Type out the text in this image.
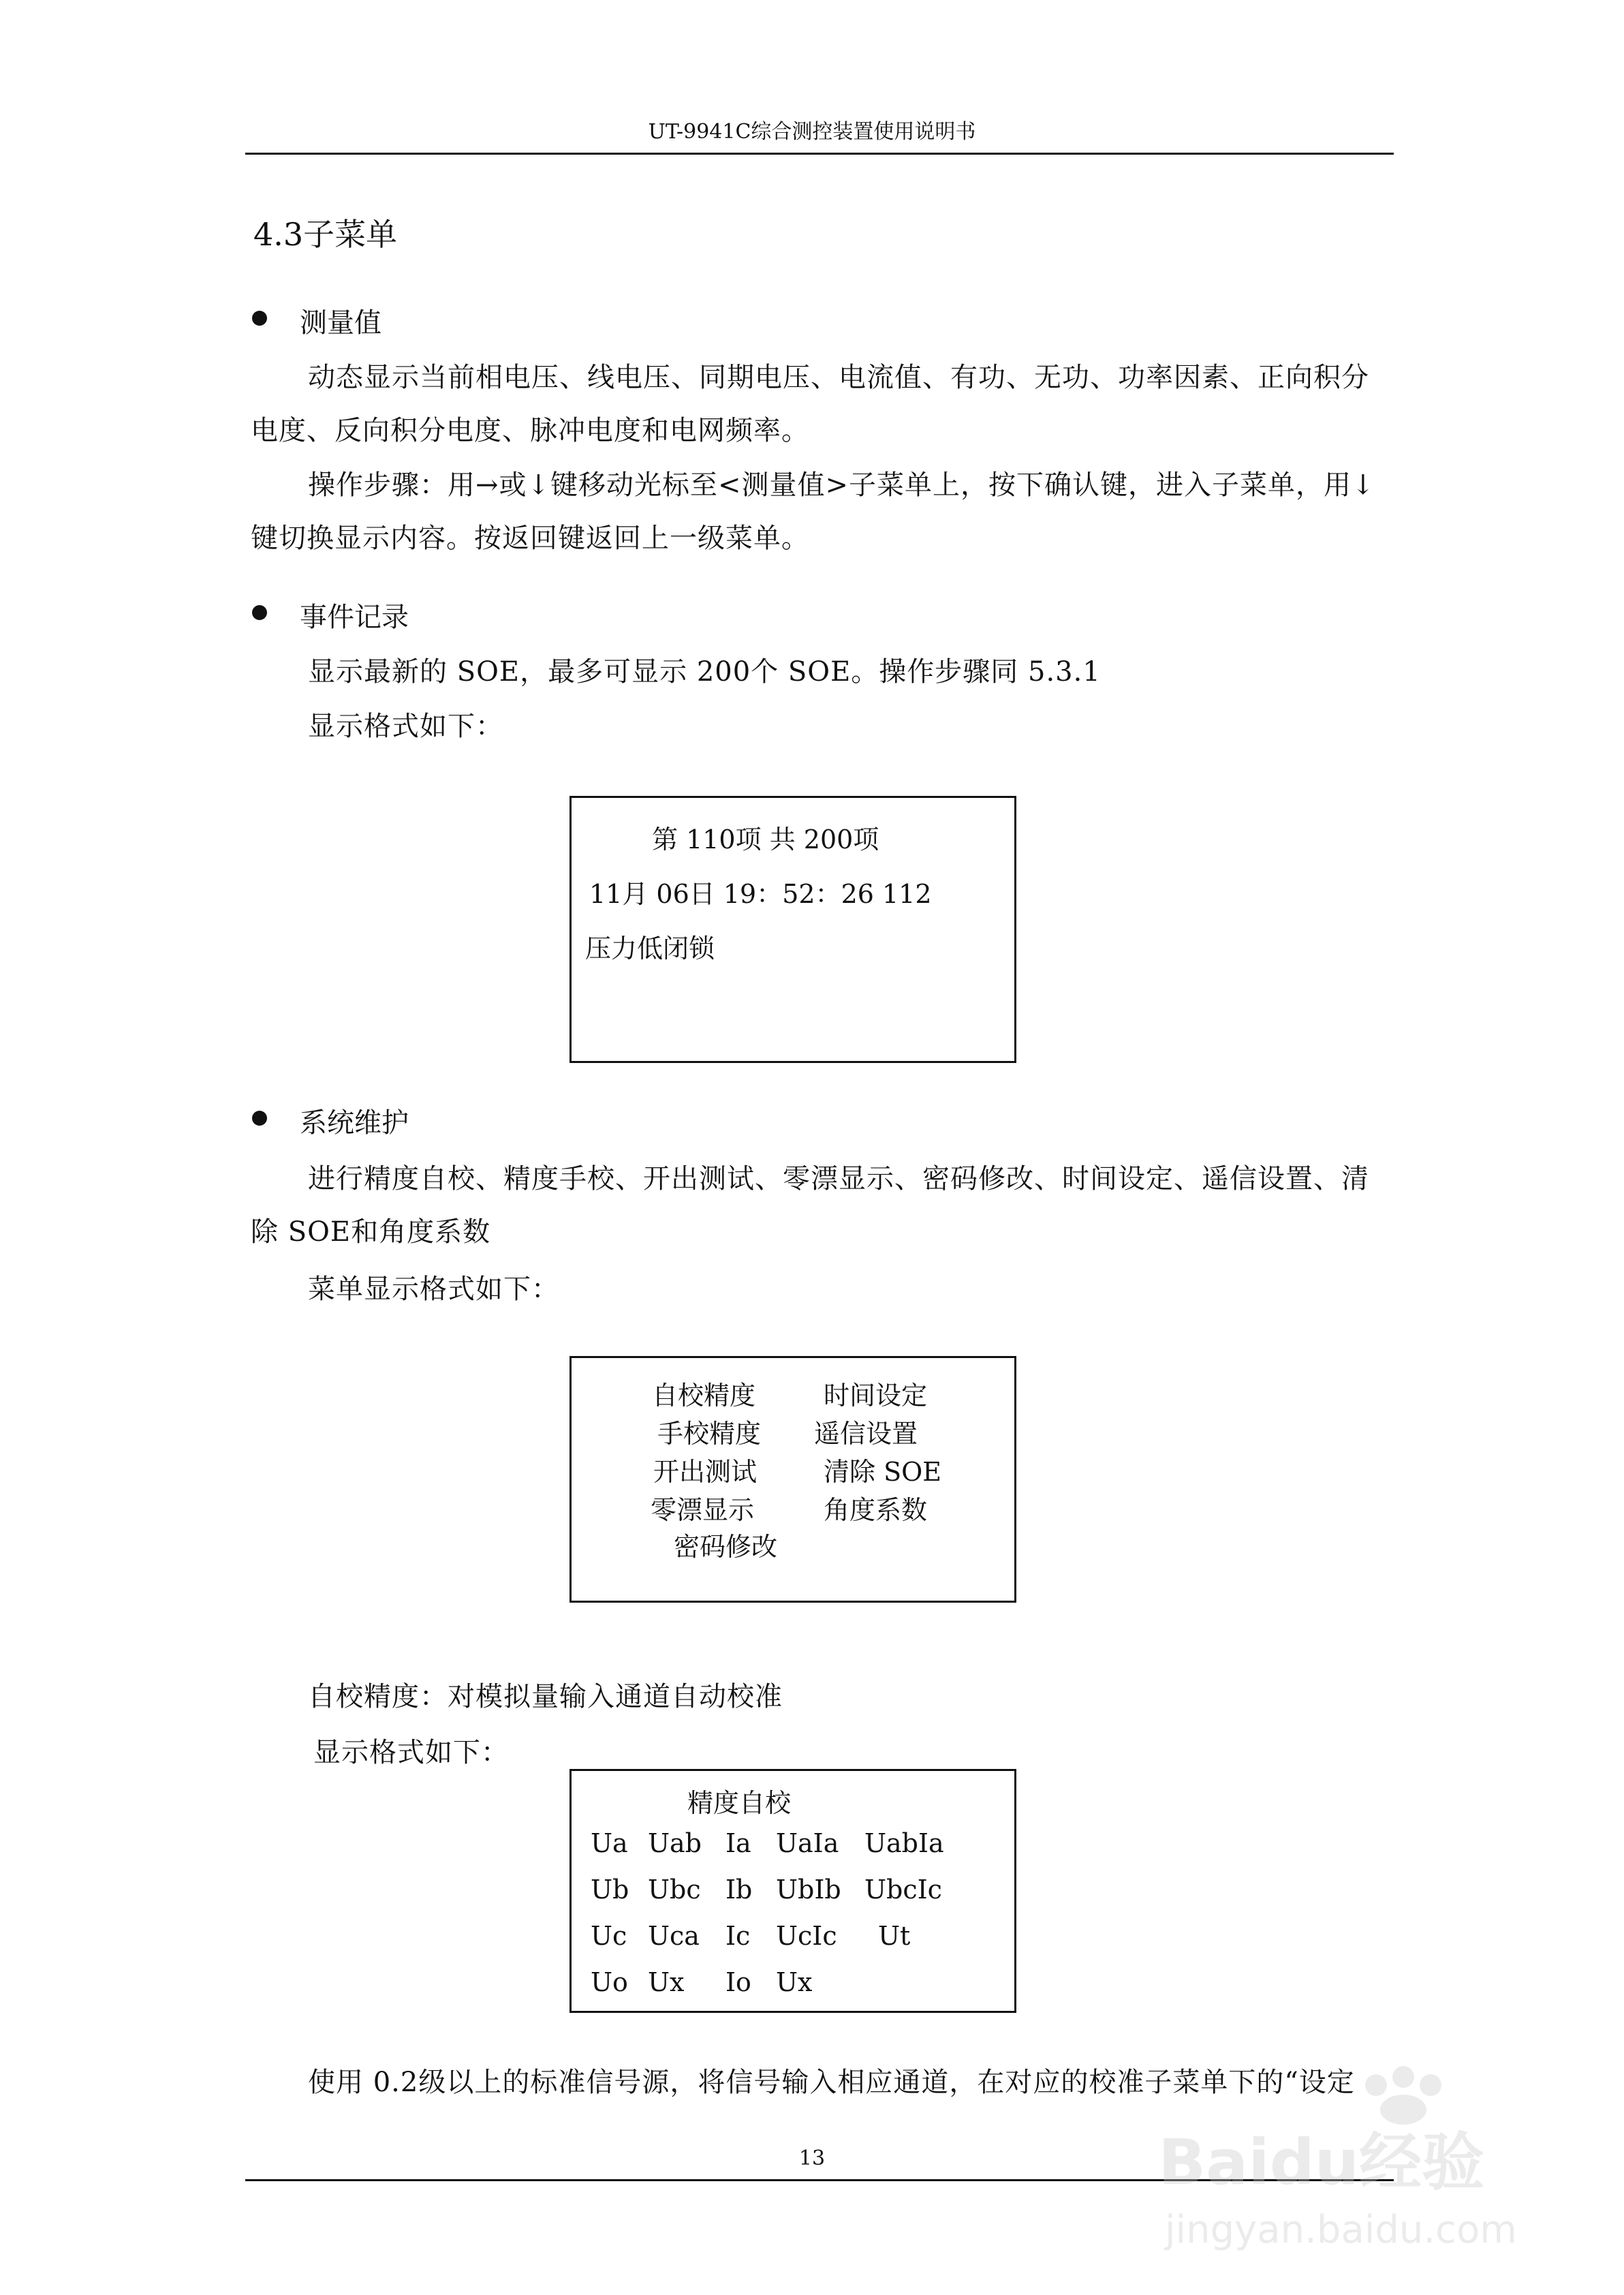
UT-9941C综合测控装置使用说明书
4.3子菜单
测量值
动态显示当前相电压、线电压、同期电压、电流值、有功、无功、功率因素、正向积分
电度、反向积分电度、脉冲电度和电网频率。
操作步骤：用→或↓键移动光标至<测量值>子菜单上，按下确认键，进入子菜单，用↓
键切换显示内容。按返回键返回上一级菜单。
事件记录
显示最新的 SOE，最多可显示 200个 SOE。操作步骤同 5.3.1
显示格式如下：
第 110项 共 200项
11月 06日 19：52：26 112
压力低闭锁
系统维护
进行精度自校、精度手校、开出测试、零漂显示、密码修改、时间设定、遥信设置、清
除 SOE和角度系数
菜单显示格式如下：
自校精度	时间设定
手校精度 遥信设置
开出测试	清除 SOE
零漂显示	角度系数
密码修改
自校精度：对模拟量输入通道自动校准
显示格式如下：
精度自校
Ua Uab Ia UaIa UabIa
Ub Ubc Ib UbIb UbcIc
Uc Uca Ic UcIc Ut
Uo Ux Io Ux
使用 0.2级以上的标准信号源，将信号输入相应通道，在对应的校准子菜单下的“设定
13	Baidu经验
jingyan.baidu.com
